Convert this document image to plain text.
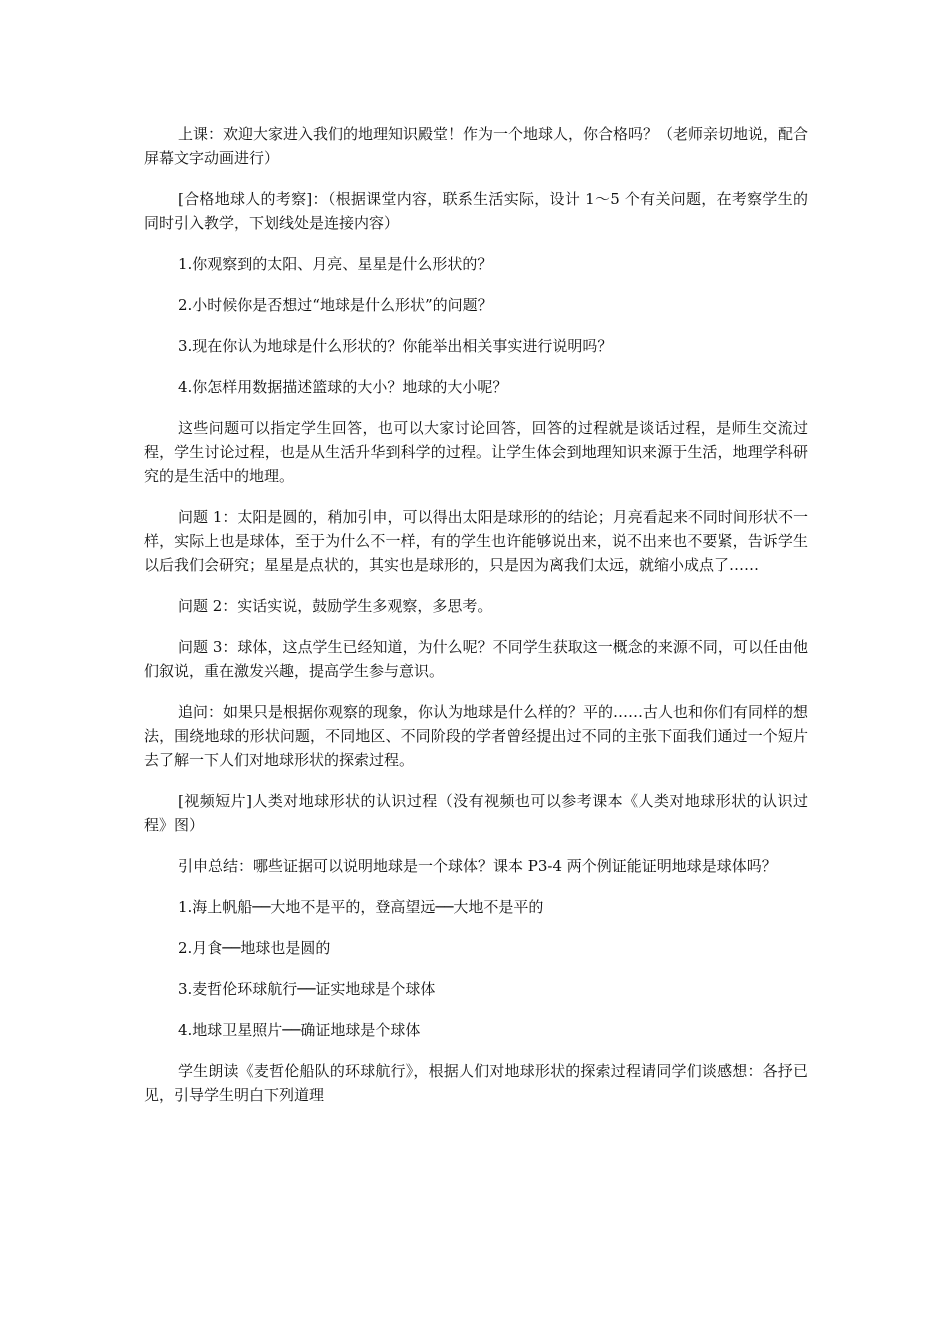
上课：欢迎大家进入我们的地理知识殿堂！作为一个地球人，你合格吗？（老师亲切地说，配合屏幕文字动画进行）

[合格地球人的考察]：（根据课堂内容，联系生活实际，设计 1～5 个有关问题，在考察学生的同时引入教学，下划线处是连接内容）

1.你观察到的太阳、月亮、星星是什么形状的？

2.小时候你是否想过“地球是什么形状”的问题？

3.现在你认为地球是什么形状的？你能举出相关事实进行说明吗？

4.你怎样用数据描述篮球的大小？地球的大小呢？

这些问题可以指定学生回答，也可以大家讨论回答，回答的过程就是谈话过程，是师生交流过程，学生讨论过程，也是从生活升华到科学的过程。让学生体会到地理知识来源于生活，地理学科研究的是生活中的地理。

问题 1：太阳是圆的，稍加引申，可以得出太阳是球形的的结论；月亮看起来不同时间形状不一样，实际上也是球体，至于为什么不一样，有的学生也许能够说出来，说不出来也不要紧，告诉学生以后我们会研究；星星是点状的，其实也是球形的，只是因为离我们太远，就缩小成点了……

问题 2：实话实说，鼓励学生多观察，多思考。

问题 3：球体，这点学生已经知道，为什么呢？不同学生获取这一概念的来源不同，可以任由他们叙说，重在激发兴趣，提高学生参与意识。

追问：如果只是根据你观察的现象，你认为地球是什么样的？平的……古人也和你们有同样的想法，围绕地球的形状问题，不同地区、不同阶段的学者曾经提出过不同的主张下面我们通过一个短片去了解一下人们对地球形状的探索过程。

[视频短片]人类对地球形状的认识过程（没有视频也可以参考课本《人类对地球形状的认识过程》图）

引申总结：哪些证据可以说明地球是一个球体？课本 P3-4 两个例证能证明地球是球体吗？

1.海上帆船──大地不是平的，登高望远──大地不是平的

2.月食──地球也是圆的

3.麦哲伦环球航行──证实地球是个球体

4.地球卫星照片──确证地球是个球体

学生朗读《麦哲伦船队的环球航行》，根据人们对地球形状的探索过程请同学们谈感想：各抒已见，引导学生明白下列道理
